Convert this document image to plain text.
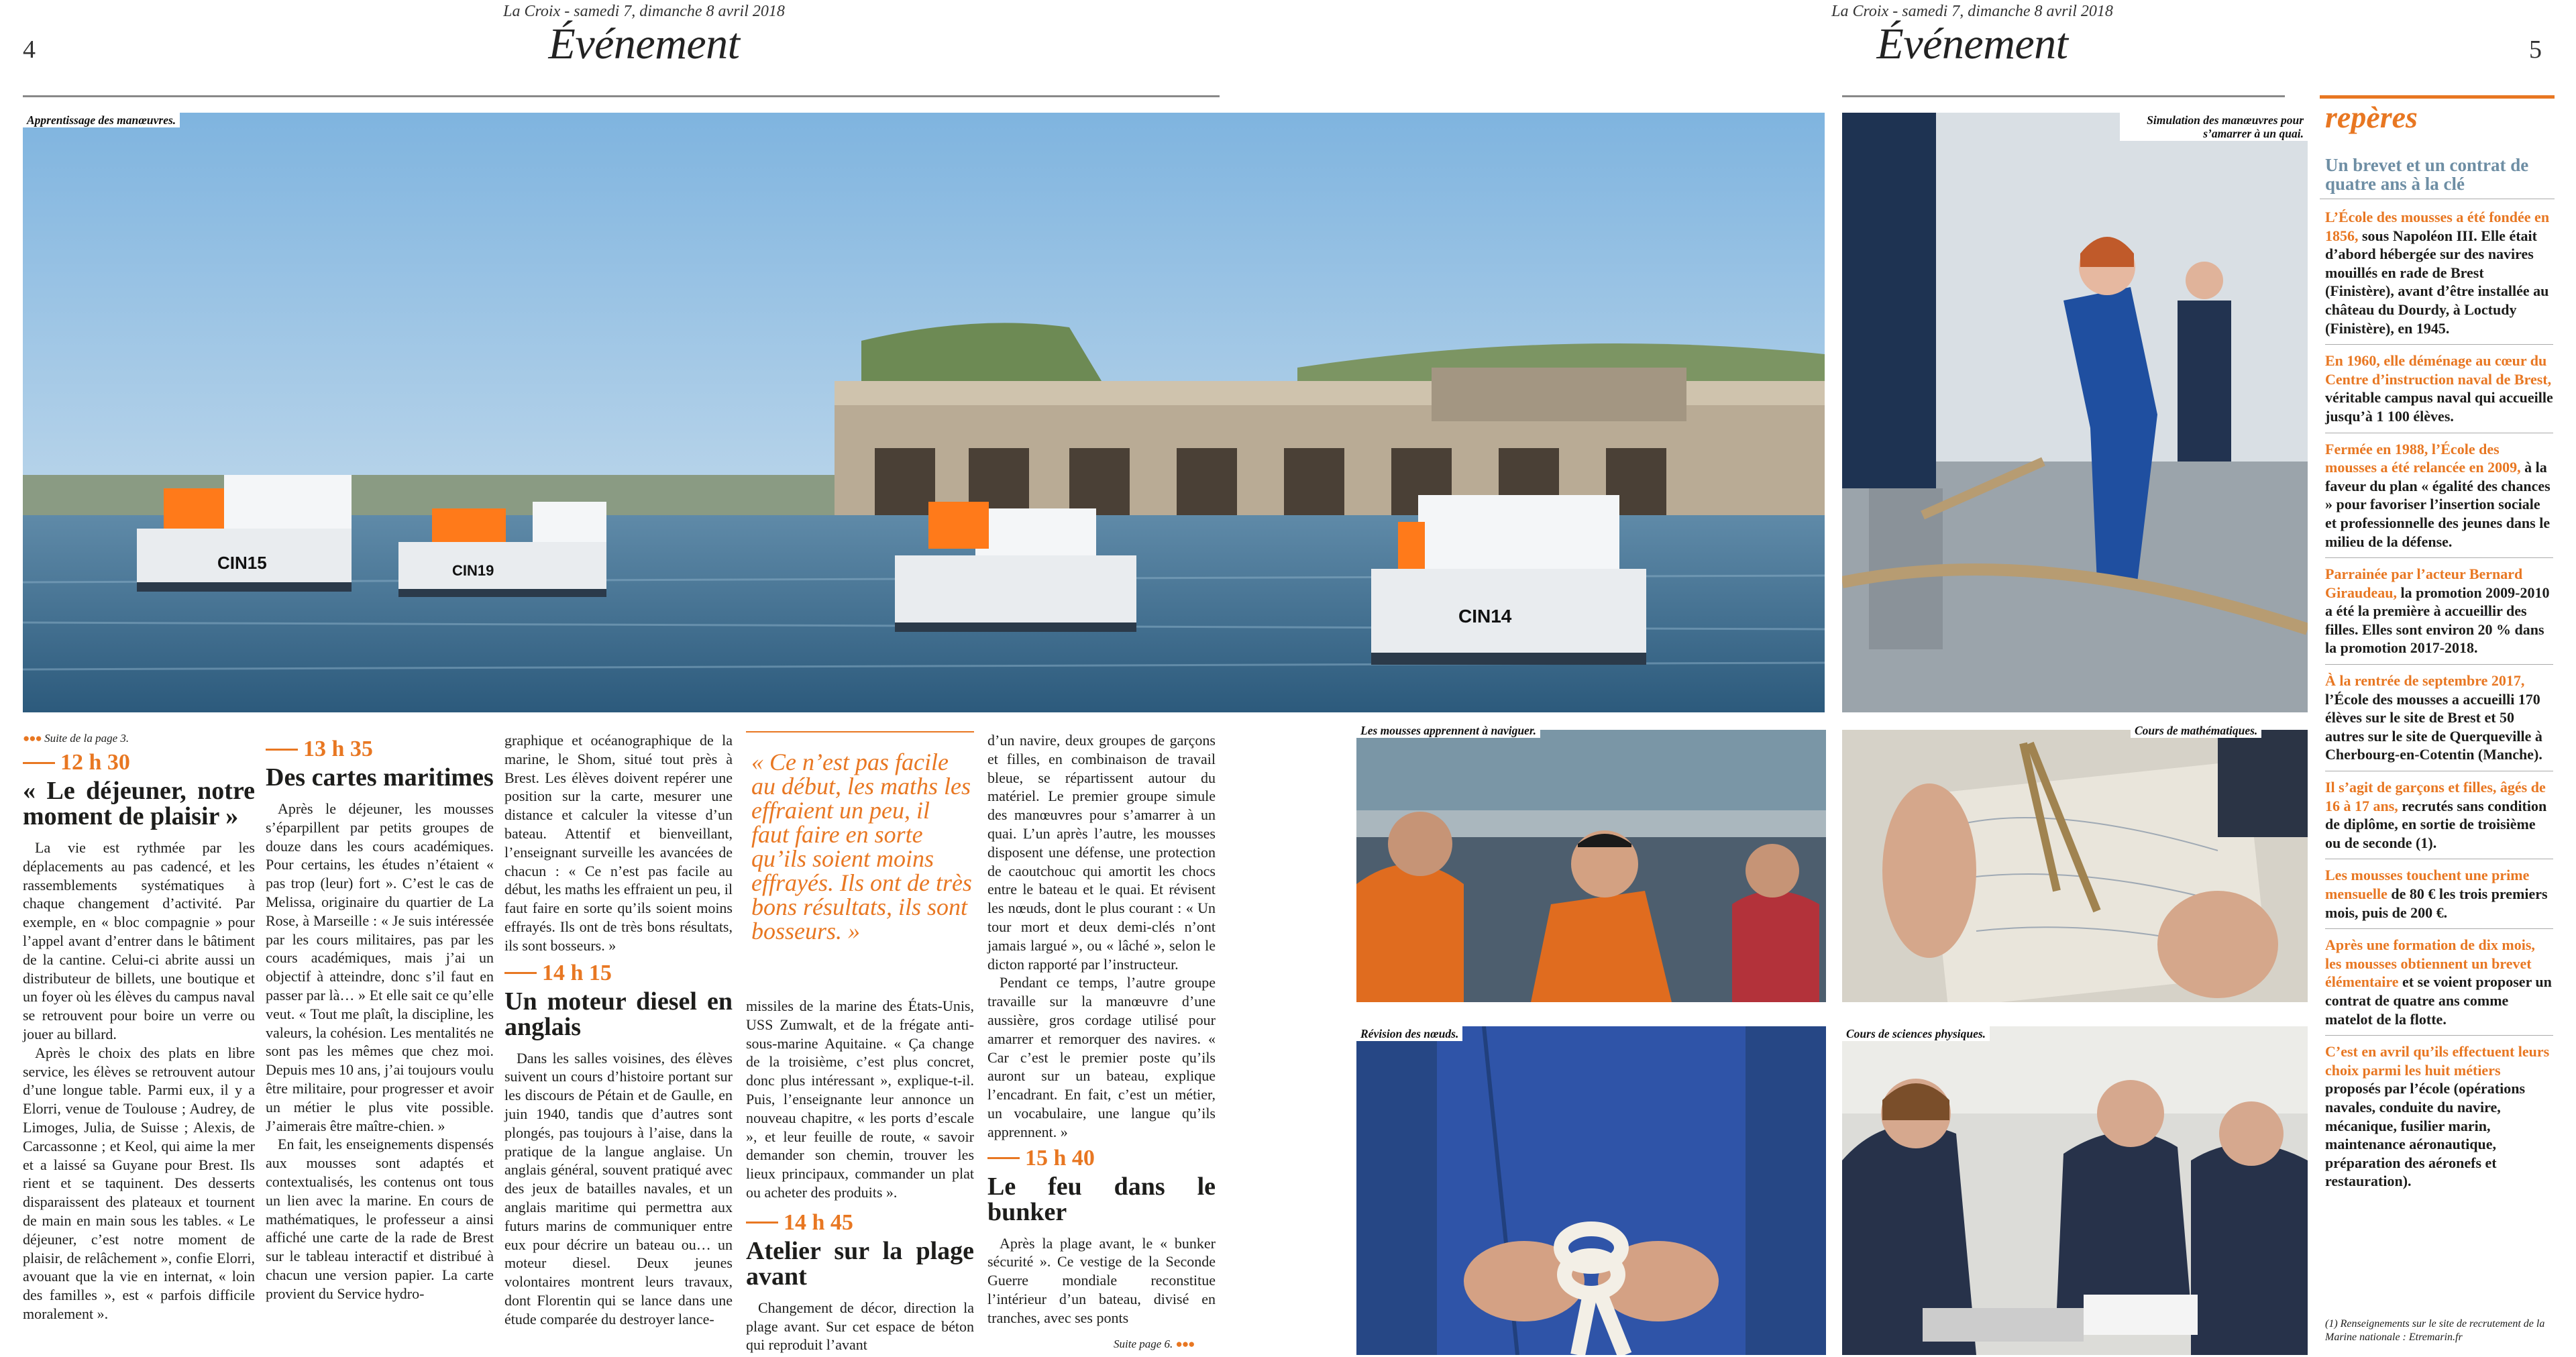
4
La Croix - samedi 7, dimanche 8 avril 2018
Événement
La Croix - samedi 7, dimanche 8 avril 2018
Événement	5
CIN15	CIN19
CIN14
Apprentissage des manœuvres.	Simulation des manœuvres pour s’amarrer à un quai.
Les mousses apprennent à naviguer.	Cours de mathématiques.
Révision des nœuds.	Cours de sciences physiques.
●●● Suite de la page 3.
12 h 30
« Le déjeuner, notre moment de plaisir »

La vie est rythmée par les déplacements au pas cadencé, et les rassemblements systématiques à chaque changement d’activité. Par exemple, en « bloc compagnie » pour l’appel avant d’entrer dans le bâtiment de la cantine. Celui-ci abrite aussi un distributeur de billets, une boutique et un foyer où les élèves du campus naval se retrouvent pour boire un verre ou jouer au billard.

Après le choix des plats en libre service, les élèves se retrouvent autour d’une longue table. Parmi eux, il y a Elorri, venue de Toulouse ; Audrey, de Limoges, Julia, de Suisse ; Alexis, de Carcassonne ; et Keol, qui aime la mer et a laissé sa Guyane pour Brest. Ils rient et se taquinent. Des desserts disparaissent des plateaux et tournent de main en main sous les tables. « Le déjeuner, c’est notre moment de plaisir, de relâchement », confie Elorri, avouant que la vie en internat, « loin des familles », est « parfois difficile moralement ».

13 h 35
Des cartes maritimes

Après le déjeuner, les mousses s’éparpillent par petits groupes de douze dans les cours académiques. Pour certains, les études n’étaient « pas trop (leur) fort ». C’est le cas de Melissa, originaire du quartier de La Rose, à Marseille : « Je suis intéressée par les cours militaires, pas par les cours académiques, mais j’ai un objectif à atteindre, donc s’il faut en passer par là… » Et elle sait ce qu’elle veut. « Tout me plaît, la discipline, les valeurs, la cohésion. Les mentalités ne sont pas les mêmes que chez moi. Depuis mes 10 ans, j’ai toujours voulu être militaire, pour progresser et avoir un métier le plus vite possible. J’aimerais être maître-chien. »

En fait, les enseignements dispensés aux mousses sont adaptés et contextualisés, les contenus ont tous un lien avec la marine. En cours de mathématiques, le professeur a ainsi affiché une carte de la rade de Brest sur le tableau interactif et distribué à chacun une version papier. La carte provient du Service hydro-

graphique et océanographique de la marine, le Shom, situé tout près à Brest. Les élèves doivent repérer une position sur la carte, mesurer une distance et calculer la vitesse d’un bateau. Attentif et bienveillant, l’enseignant surveille les avancées de chacun : « Ce n’est pas facile au début, les maths les effraient un peu, il faut faire en sorte qu’ils soient moins effrayés. Ils ont de très bons résultats, ils sont bosseurs. »

14 h 15
Un moteur diesel en anglais

Dans les salles voisines, des élèves suivent un cours d’histoire portant sur les discours de Pétain et de Gaulle, en juin 1940, tandis que d’autres sont plongés, pas toujours à l’aise, dans la pratique de la langue anglaise. Un anglais général, souvent pratiqué avec des jeux de batailles navales, et un anglais maritime qui permettra aux futurs marins de communiquer entre eux pour décrire un bateau ou… un moteur diesel. Deux jeunes volontaires montrent leurs travaux, dont Florentin qui se lance dans une étude comparée du destroyer lance-

« Ce n’est pas facile au début, les maths les effraient un peu, il faut faire en sorte qu’ils soient moins effrayés. Ils ont de très bons résultats, ils sont bosseurs. »

missiles de la marine des États-Unis, USS Zumwalt, et de la frégate anti-sous-marine Aquitaine. « Ça change de la troisième, c’est plus concret, donc plus intéressant », explique-t-il. Puis, l’enseignante leur annonce un nouveau chapitre, « les ports d’escale », et leur feuille de route, « savoir demander son chemin, trouver les lieux principaux, commander un plat ou acheter des produits ».

14 h 45
Atelier sur la plage avant

Changement de décor, direction la plage avant. Sur cet espace de béton qui reproduit l’avant

d’un navire, deux groupes de garçons et filles, en combinaison de travail bleue, se répartissent autour du matériel. Le premier groupe simule des manœuvres pour s’amarrer à un quai. L’un après l’autre, les mousses disposent une défense, une protection de caoutchouc qui amortit les chocs entre le bateau et le quai. Et révisent les nœuds, dont le plus courant : « Un tour mort et deux demi-clés n’ont jamais largué », ou « lâché », selon le dicton rapporté par l’instructeur.

Pendant ce temps, l’autre groupe travaille sur la manœuvre d’une aussière, gros cordage utilisé pour amarrer et remorquer des navires. « Car c’est le premier poste qu’ils auront sur un bateau, explique l’encadrant. En fait, c’est un métier, un vocabulaire, une langue qu’ils apprennent. »

15 h 40
Le feu dans le bunker

Après la plage avant, le « bunker sécurité ». Ce vestige de la Seconde Guerre mondiale reconstitue l’intérieur d’un bateau, divisé en tranches, avec ses ponts

Suite page 6. ●●●
repères
Un brevet et un contrat de quatre ans à la clé
L’École des mousses a été fondée en 1856, sous Napoléon III. Elle était d’abord hébergée sur des navires mouillés en rade de Brest (Finistère), avant d’être installée au château du Dourdy, à Loctudy (Finistère), en 1945.
En 1960, elle déménage au cœur du Centre d’instruction naval de Brest, véritable campus naval qui accueille jusqu’à 1 100 élèves.
Fermée en 1988, l’École des mousses a été relancée en 2009, à la faveur du plan « égalité des chances » pour favoriser l’insertion sociale et professionnelle des jeunes dans le milieu de la défense.
Parrainée par l’acteur Bernard Giraudeau, la promotion 2009-2010 a été la première à accueillir des filles. Elles sont environ 20 % dans la promotion 2017-2018.
À la rentrée de septembre 2017, l’École des mousses a accueilli 170 élèves sur le site de Brest et 50 autres sur le site de Querqueville à Cherbourg-en-Cotentin (Manche).
Il s’agit de garçons et filles, âgés de 16 à 17 ans, recrutés sans condition de diplôme, en sortie de troisième ou de seconde (1).
Les mousses touchent une prime mensuelle de 80 € les trois premiers mois, puis de 200 €.
Après une formation de dix mois, les mousses obtiennent un brevet élémentaire et se voient proposer un contrat de quatre ans comme matelot de la flotte.
C’est en avril qu’ils effectuent leurs choix parmi les huit métiers proposés par l’école (opérations navales, conduite du navire, mécanique, fusilier marin, maintenance aéronautique, préparation des aéronefs et restauration).
(1) Renseignements sur le site de recrutement de la Marine nationale : Etremarin.fr
